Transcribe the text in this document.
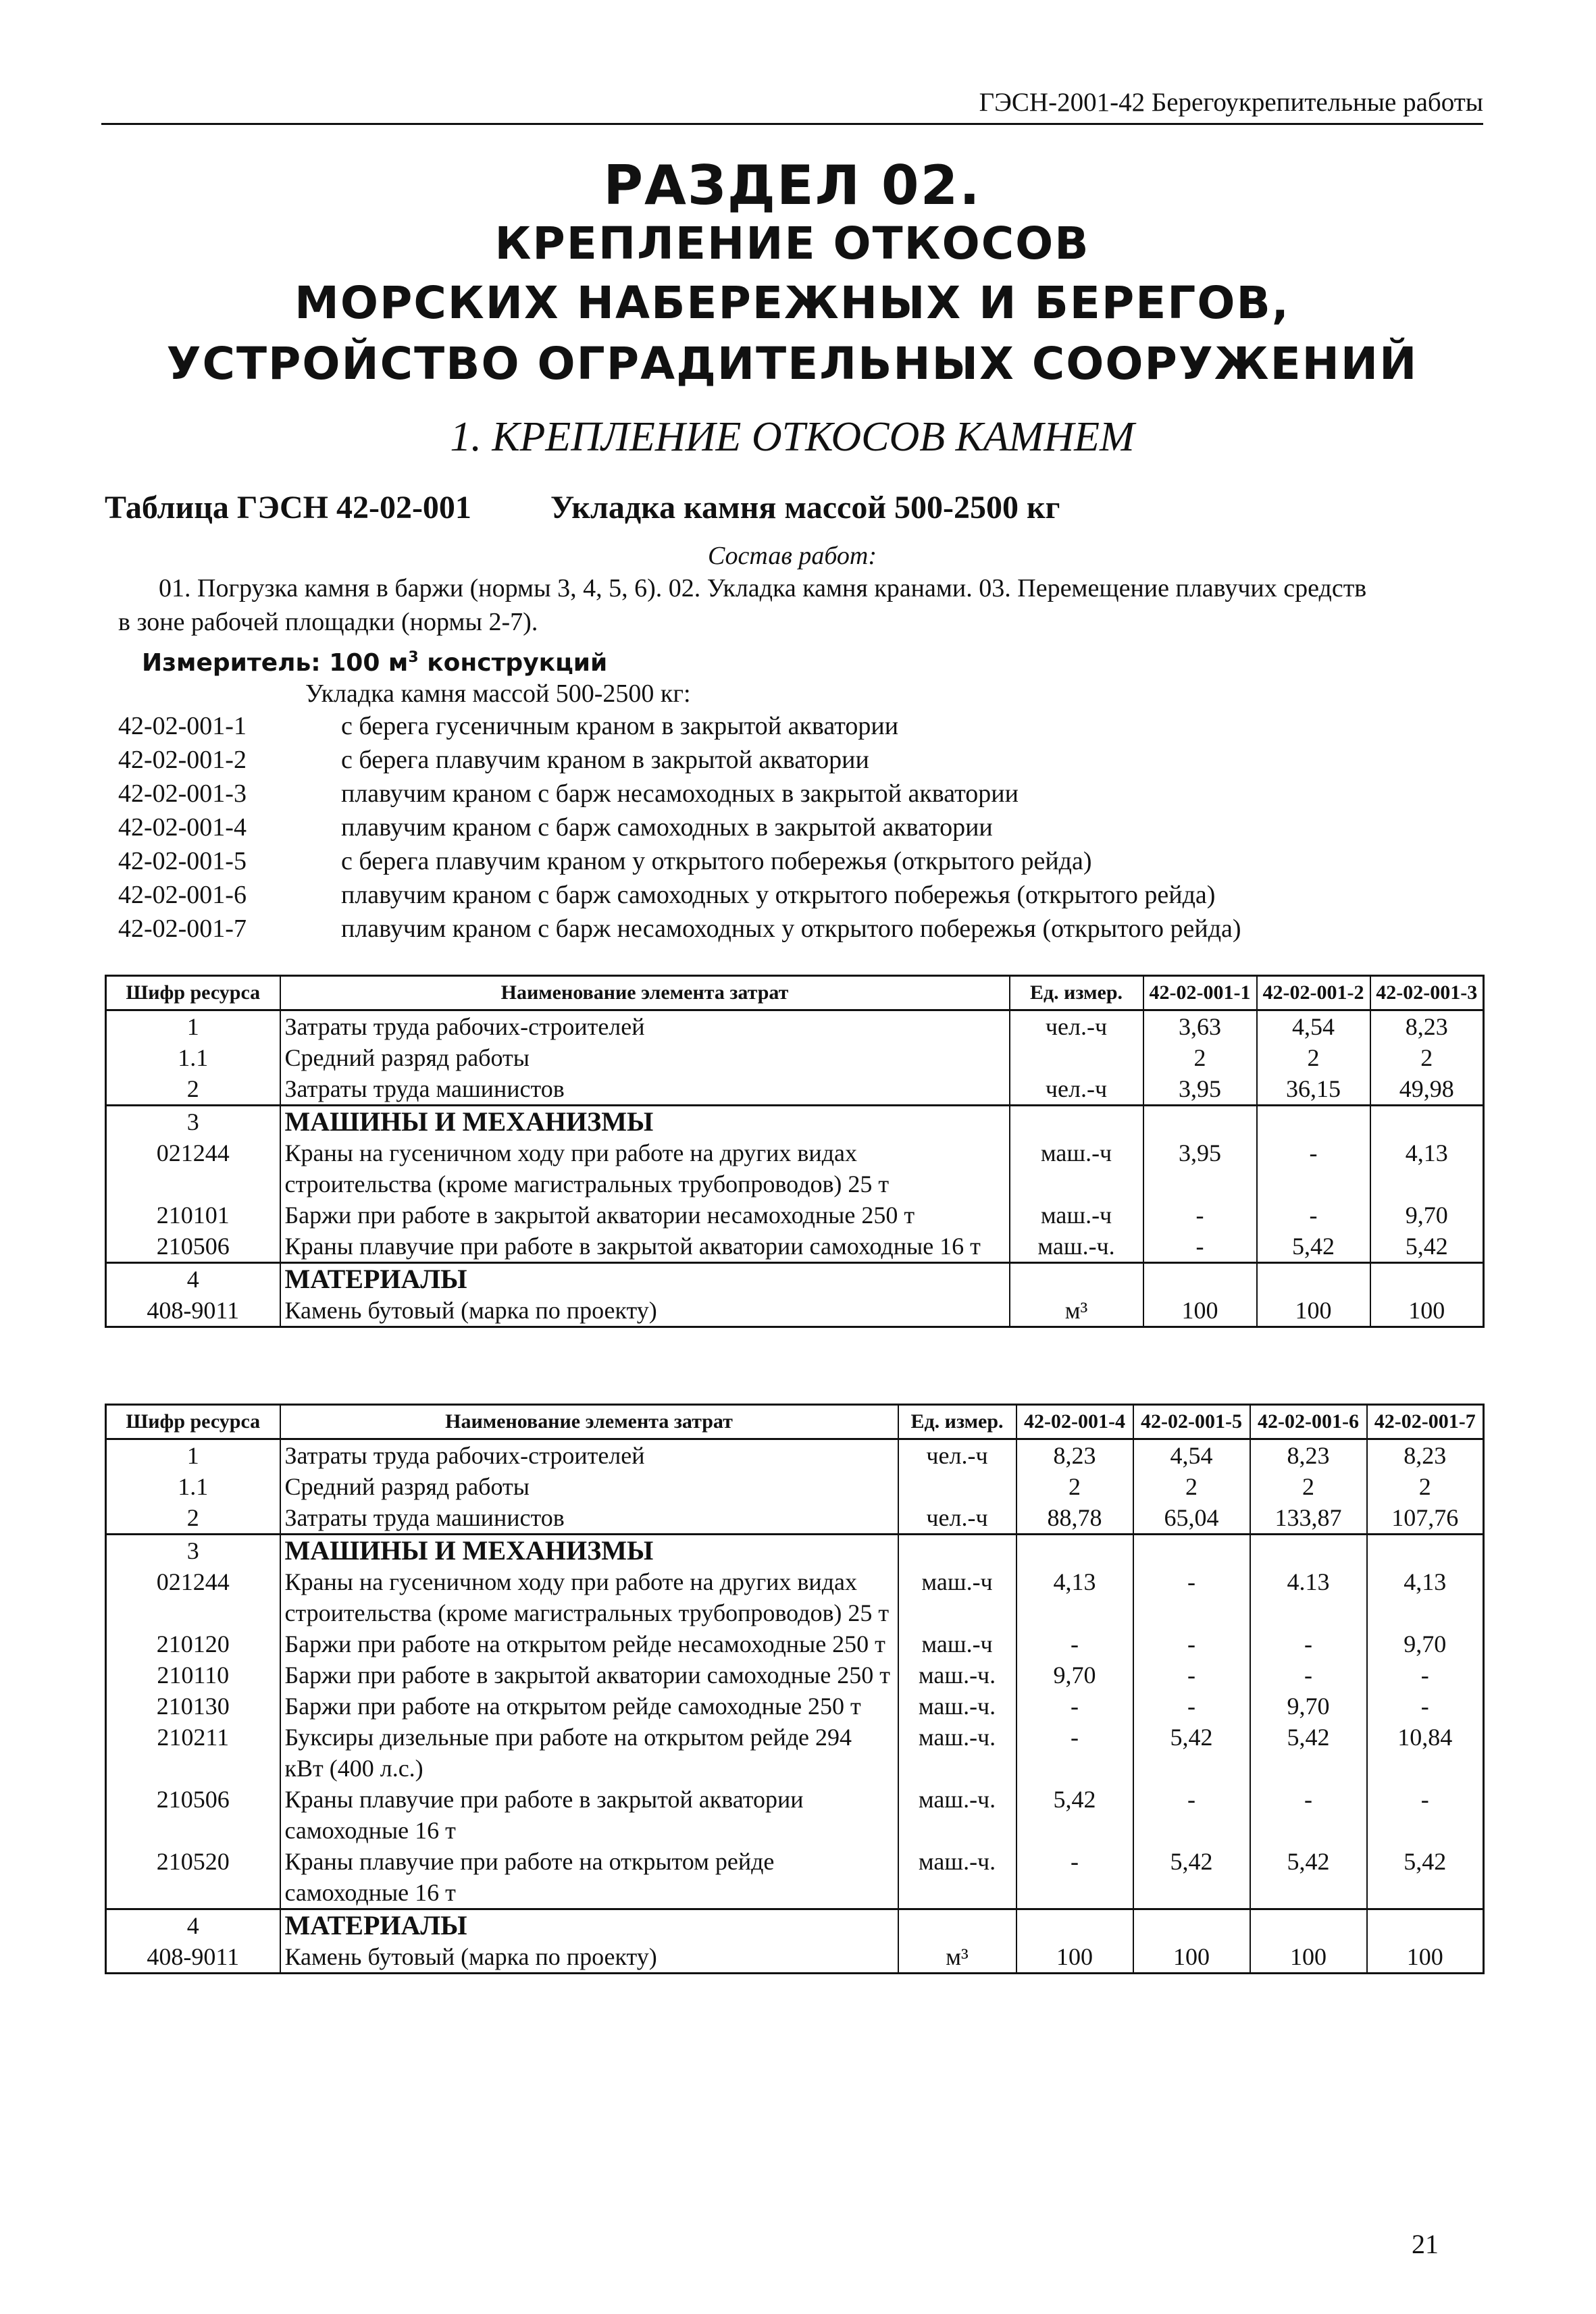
ГЭСН-2001-42 Берегоукрепительные работы
РАЗДЕЛ 02.
КРЕПЛЕНИЕ ОТКОСОВ
МОРСКИХ НАБЕРЕЖНЫХ И БЕРЕГОВ,
УСТРОЙСТВО ОГРАДИТЕЛЬНЫХ СООРУЖЕНИЙ
1. КРЕПЛЕНИЕ ОТКОСОВ КАМНЕМ
Таблица ГЭСН 42-02-001 Укладка камня массой 500-2500 кг
Состав работ:

01. Погрузка камня в баржи (нормы 3, 4, 5, 6). 02. Укладка камня кранами. 03. Перемещение плавучих средств

в зоне рабочей площадки (нормы 2-7).

Измеритель: 100 $м^3$ конструкций
Укладка камня массой 500-2500 кг:
42-02-001-1	с берега гусеничным краном в закрытой акватории
42-02-001-2	с берега плавучим краном в закрытой акватории
42-02-001-3	плавучим краном с барж несамоходных в закрытой акватории
42-02-001-4	плавучим краном с барж самоходных в закрытой акватории
42-02-001-5	с берега плавучим краном у открытого побережья (открытого рейда)
42-02-001-6	плавучим краном с барж самоходных у открытого побережья (открытого рейда)
42-02-001-7	плавучим краном с барж несамоходных у открытого побережья (открытого рейда)
Шифр ресурса	Наименование элемента затрат	Ед. измер.	42-02-001-1	42-02-001-2	42-02-001-3
1	Затраты труда рабочих-строителей	чел.-ч	3,63	4,54	8,23
1.1	Средний разряд работы		2	2	2
2	Затраты труда машинистов	чел.-ч	3,95	36,15	49,98
3	МАШИНЫ И МЕХАНИЗМЫ				
021244	Краны на гусеничном ходу при работе на других видах строительства (кроме магистральных трубопроводов) 25 т	маш.-ч	3,95	-	4,13
210101	Баржи при работе в закрытой акватории несамоходные 250 т	маш.-ч	-	-	9,70
210506	Краны плавучие при работе в закрытой акватории самоходные 16 т	маш.-ч.	-	5,42	5,42
4	МАТЕРИАЛЫ				
408-9011	Камень бутовый (марка по проекту)	м³	100	100	100
Шифр ресурса	Наименование элемента затрат	Ед. измер.	42-02-001-4	42-02-001-5	42-02-001-6	42-02-001-7
1	Затраты труда рабочих-строителей	чел.-ч	8,23	4,54	8,23	8,23
1.1	Средний разряд работы		2	2	2	2
2	Затраты труда машинистов	чел.-ч	88,78	65,04	133,87	107,76
3	МАШИНЫ И МЕХАНИЗМЫ					
021244	Краны на гусеничном ходу при работе на других видах строительства (кроме магистральных трубопроводов) 25 т	маш.-ч	4,13	-	4.13	4,13
210120	Баржи при работе на открытом рейде несамоходные 250 т	маш.-ч	-	-	-	9,70
210110	Баржи при работе в закрытой акватории самоходные 250 т	маш.-ч.	9,70	-	-	-
210130	Баржи при работе на открытом рейде самоходные 250 т	маш.-ч.	-	-	9,70	-
210211	Буксиры дизельные при работе на открытом рейде 294 кВт (400 л.с.)	маш.-ч.	-	5,42	5,42	10,84
210506	Краны плавучие при работе в закрытой акватории самоходные 16 т	маш.-ч.	5,42	-	-	-
210520	Краны плавучие при работе на открытом рейде самоходные 16 т	маш.-ч.	-	5,42	5,42	5,42
4	МАТЕРИАЛЫ					
408-9011	Камень бутовый (марка по проекту)	м³	100	100	100	100
21
